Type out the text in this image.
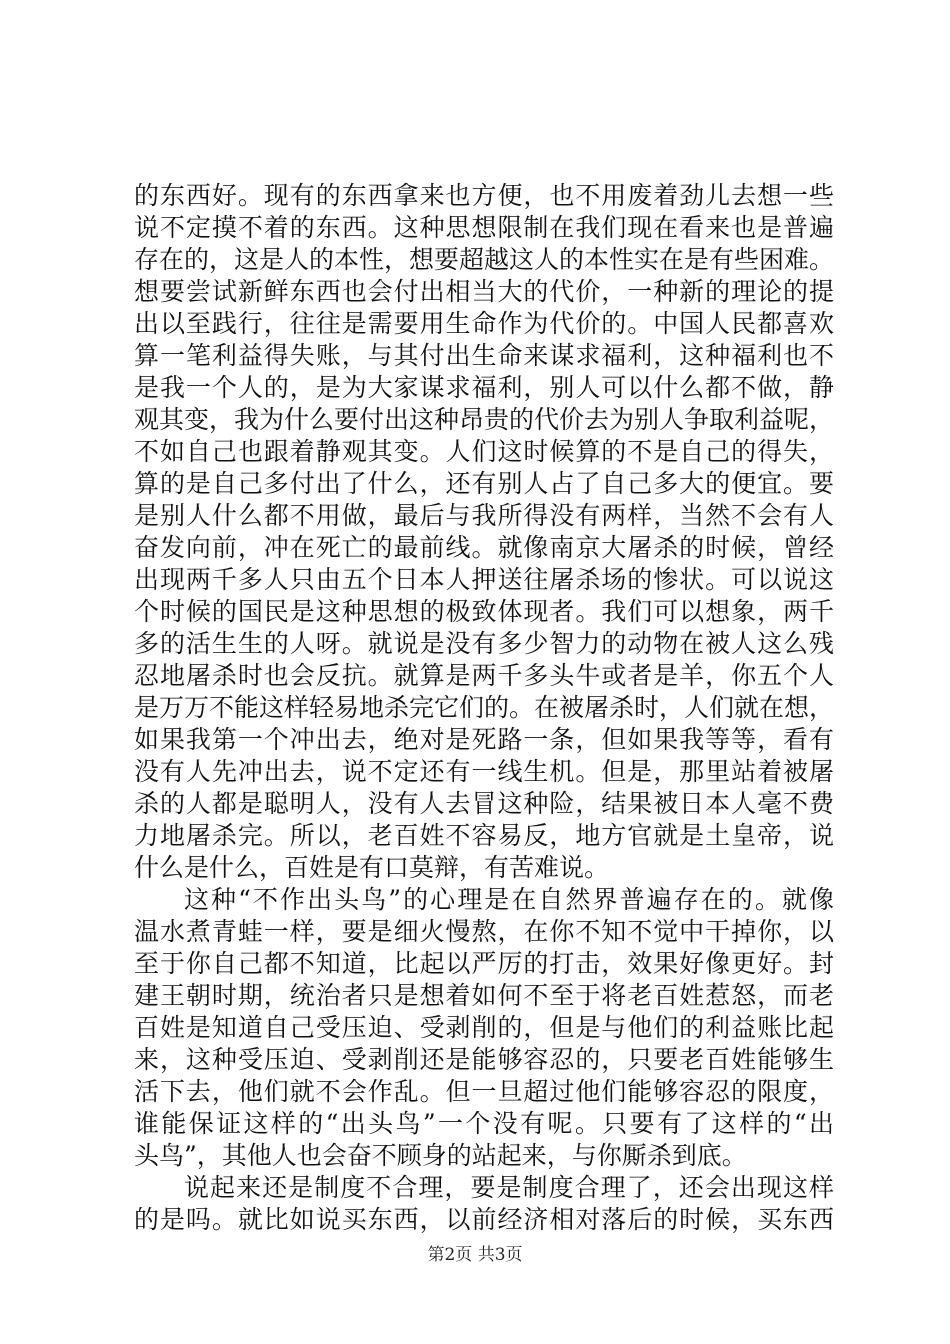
的东西好。现有的东西拿来也方便，也不用废着劲儿去想一些
说不定摸不着的东西。这种思想限制在我们现在看来也是普遍
存在的，这是人的本性，想要超越这人的本性实在是有些困难。
想要尝试新鲜东西也会付出相当大的代价，一种新的理论的提
出以至践行，往往是需要用生命作为代价的。中国人民都喜欢
算一笔利益得失账，与其付出生命来谋求福利，这种福利也不
是我一个人的，是为大家谋求福利，别人可以什么都不做，静
观其变，我为什么要付出这种昂贵的代价去为别人争取利益呢，
不如自己也跟着静观其变。人们这时候算的不是自己的得失，
算的是自己多付出了什么，还有别人占了自己多大的便宜。要
是别人什么都不用做，最后与我所得没有两样，当然不会有人
奋发向前，冲在死亡的最前线。就像南京大屠杀的时候，曾经
出现两千多人只由五个日本人押送往屠杀场的惨状。可以说这
个时候的国民是这种思想的极致体现者。我们可以想象，两千
多的活生生的人呀。就说是没有多少智力的动物在被人这么残
忍地屠杀时也会反抗。就算是两千多头牛或者是羊，你五个人
是万万不能这样轻易地杀完它们的。在被屠杀时，人们就在想，
如果我第一个冲出去，绝对是死路一条，但如果我等等，看有
没有人先冲出去，说不定还有一线生机。但是，那里站着被屠
杀的人都是聪明人，没有人去冒这种险，结果被日本人毫不费
力地屠杀完。所以，老百姓不容易反，地方官就是土皇帝，说
什么是什么，百姓是有口莫辩，有苦难说。
这种“不作出头鸟”的心理是在自然界普遍存在的。就像
温水煮青蛙一样，要是细火慢熬，在你不知不觉中干掉你，以
至于你自己都不知道，比起以严厉的打击，效果好像更好。封
建王朝时期，统治者只是想着如何不至于将老百姓惹怒，而老
百姓是知道自己受压迫、受剥削的，但是与他们的利益账比起
来，这种受压迫、受剥削还是能够容忍的，只要老百姓能够生
活下去，他们就不会作乱。但一旦超过他们能够容忍的限度，
谁能保证这样的“出头鸟”一个没有呢。只要有了这样的“出
头鸟”，其他人也会奋不顾身的站起来，与你厮杀到底。
说起来还是制度不合理，要是制度合理了，还会出现这样
的是吗。就比如说买东西，以前经济相对落后的时候，买东西
第2页 共3页
